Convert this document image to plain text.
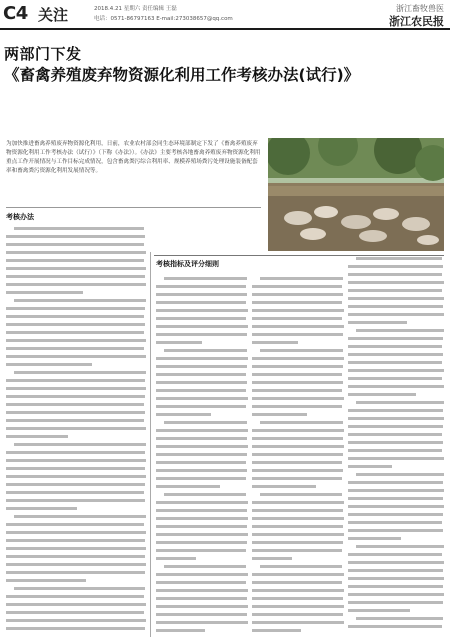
C4 关注	2018.4.21 星期六 责任编辑 王磊
电话：0571-86797163 E-mail:273038657@qq.com
浙江畜牧兽医
浙江农民报
两部门下发
《畜禽养殖废弃物资源化利用工作考核办法(试行)》
为加快推进畜禽养殖废弃物资源化利用，日前，农业农村部会同生态环境部制定下发了《畜禽养殖废弃物资源化利用工作考核办法（试行）》（下称《办法》）。《办法》主要考核各地畜禽养殖废弃物资源化利用重点工作开展情况与工作目标完成情况，包含畜禽粪污综合利用率、规模养殖场粪污处理设施装备配套率和畜禽粪污资源化利用发展情况等。
考核办法
考核指标及评分细则
